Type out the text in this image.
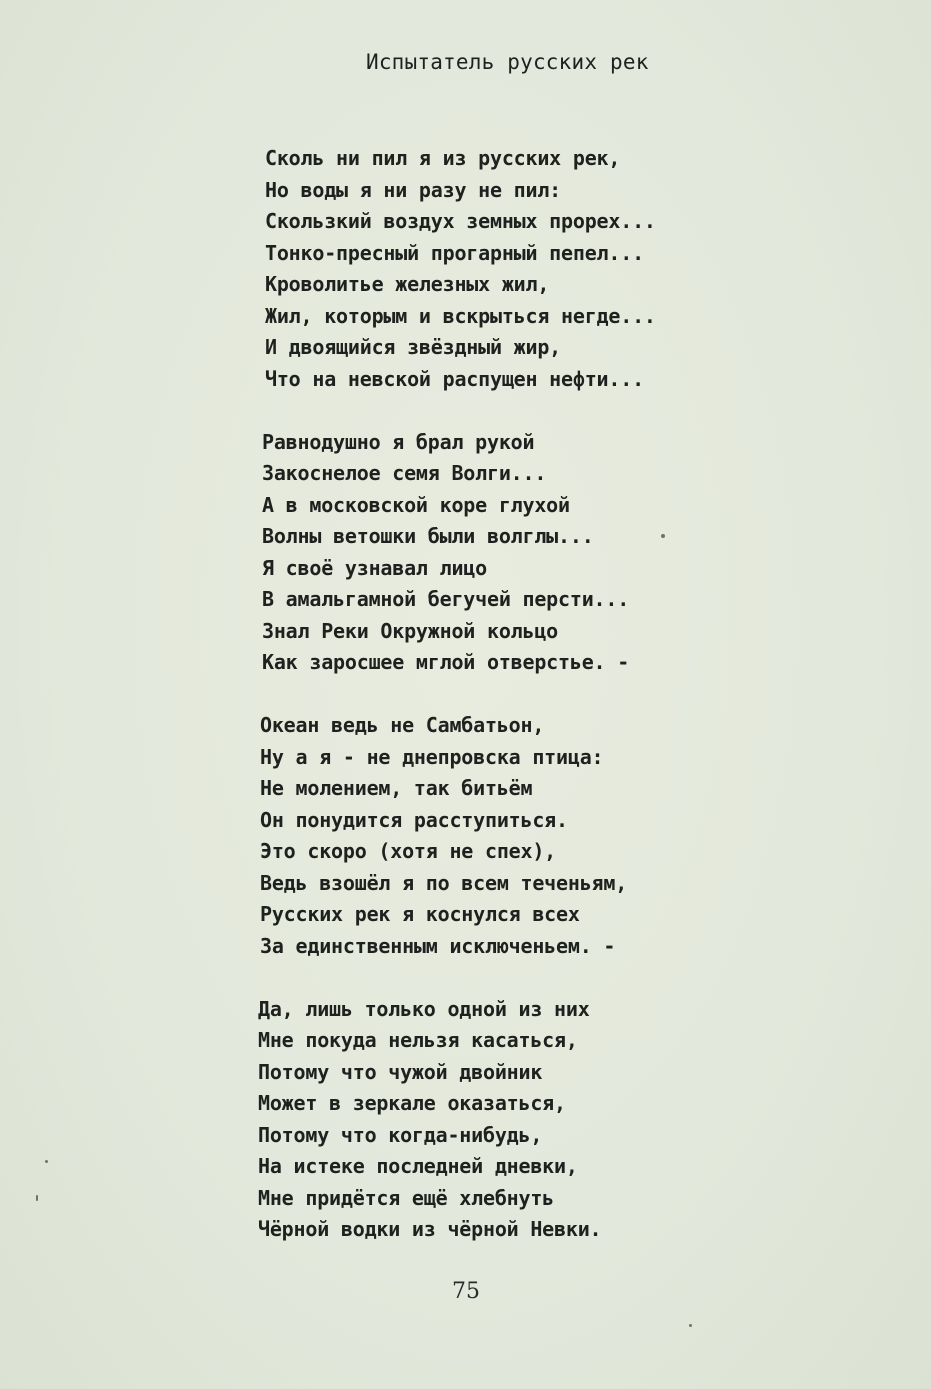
Испытатель русских рек
Сколь ни пил я из русских рек,
Но воды я ни разу не пил:
Скользкий воздух земных прорех...
Тонко-пресный прогарный пепел...
Кроволитье железных жил,
Жил, которым и вскрыться негде...
И двоящийся звёздный жир,
Что на невской распущен нефти...
Равнодушно я брал рукой
Закоснелое семя Волги...
А в московской коре глухой
Волны ветошки были волглы...
Я своё узнавал лицо
В амальгамной бегучей персти...
Знал Реки Окружной кольцо
Как заросшее мглой отверстье. -
Океан ведь не Самбатьон,
Ну а я - не днепровска птица:
Не молением, так битьём
Он понудится расступиться.
Это скоро (хотя не спех),
Ведь взошёл я по всем теченьям,
Русских рек я коснулся всех
За единственным исключеньем. -
Да, лишь только одной из них
Мне покуда нельзя касаться,
Потому что чужой двойник
Может в зеркале оказаться,
Потому что когда-нибудь,
На истеке последней дневки,
Мне придётся ещё хлебнуть
Чёрной водки из чёрной Невки.
75
